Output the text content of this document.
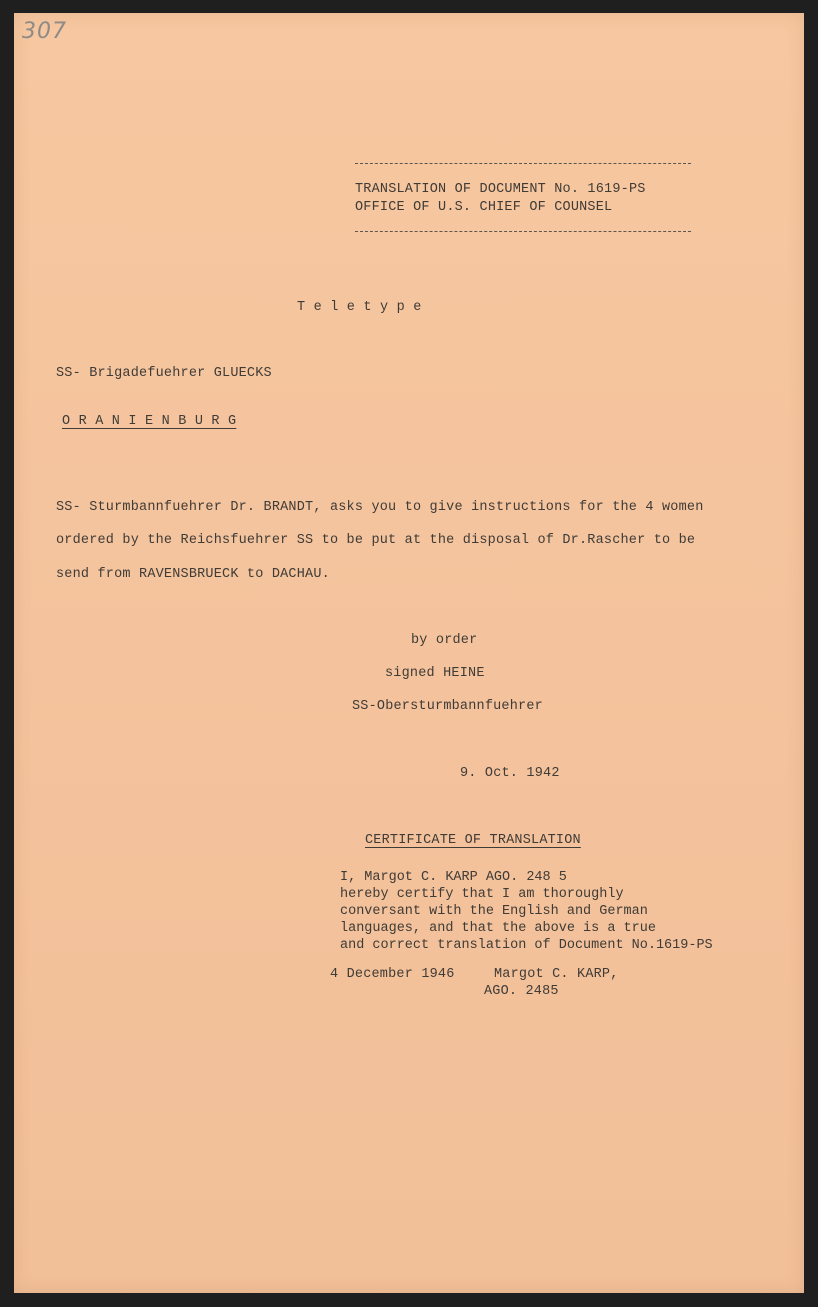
307
TRANSLATION OF DOCUMENT No. 1619-PS
OFFICE OF U.S. CHIEF OF COUNSEL
T e l e t y p e
SS- Brigadefuehrer GLUECKS
O R A N I E N B U R G
SS- Sturmbannfuehrer Dr. BRANDT, asks you to give instructions for the 4 women
ordered by the Reichsfuehrer SS to be put at the disposal of Dr.Rascher to be
send from RAVENSBRUECK to DACHAU.
by order
signed HEINE
SS-Obersturmbannfuehrer
9. Oct. 1942
CERTIFICATE OF TRANSLATION
I, Margot C. KARP AGO. 248 5
hereby certify that I am thoroughly
conversant with the English and German
languages, and that the above is a true
and correct translation of Document No.1619-PS
4 December 1946	Margot C. KARP,
AGO. 2485
